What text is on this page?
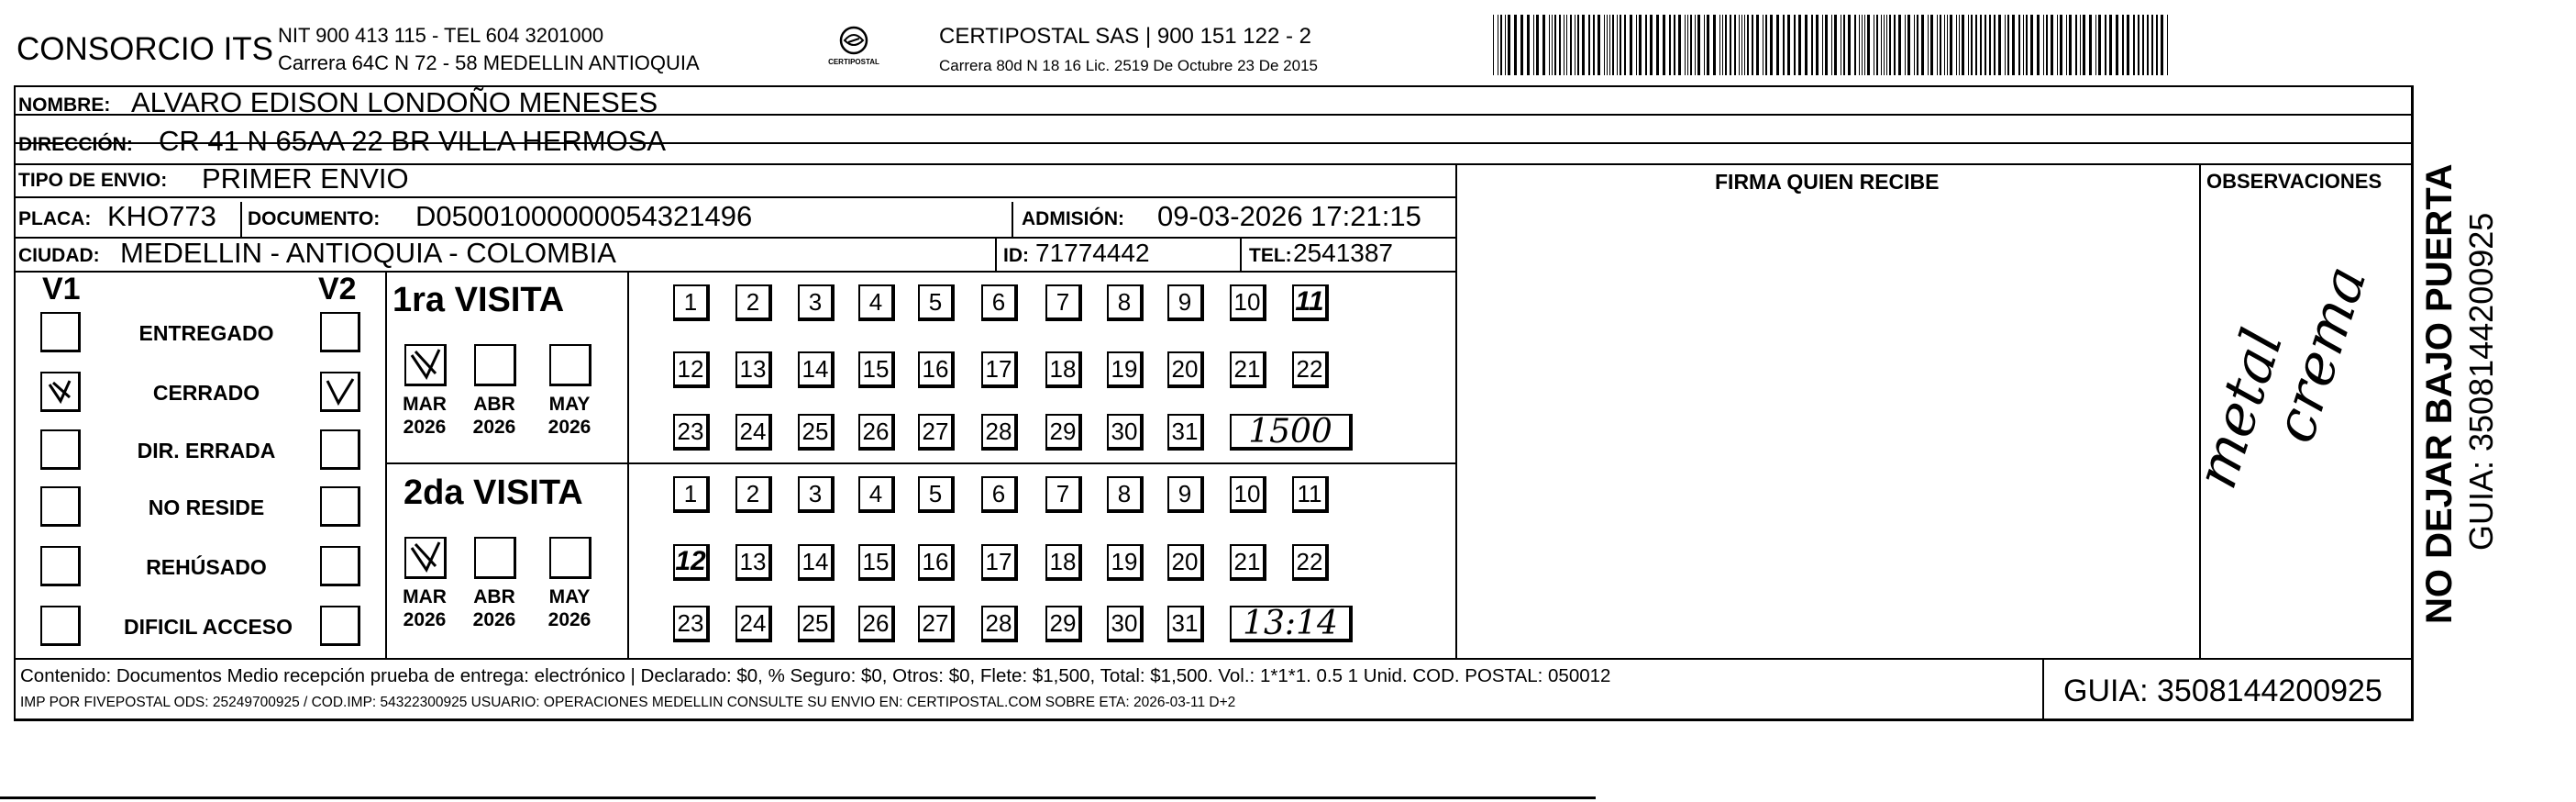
CONSORCIO ITS NIT 900 413 115 - TEL 604 3201000
Carrera 64C N 72 - 58 MEDELLIN ANTIOQUIA	CERTIPOSTAL
CERTIPOSTAL SAS | 900 151 122 - 2
Carrera 80d N 18 16 Lic. 2519 De Octubre 23 De 2015
NOMBRE: ALVARO EDISON LONDOÑO MENESES
DIRECCIÓN: CR 41 N 65AA 22 BR VILLA HERMOSA
TIPO DE ENVIO: PRIMER ENVIO
PLACA: KHO773 DOCUMENTO: D05001000000054321496	ADMISIÓN: 09-03-2026 17:21:15
CIUDAD: MEDELLIN - ANTIOQUIA - COLOMBIA	ID: 71774442	TEL: 2541387
FIRMA QUIEN RECIBE	OBSERVACIONES
metal
crema
V1	V2
ENTREGADO
CERRADO
DIR. ERRADA
NO RESIDE
REHÚSADO
DIFICIL ACCESO
1ra VISITA
2da VISITA
MAR
2026
ABR
2026
MAY
2026
MAR
2026
ABR
2026
MAY
2026
1	2	3	4	5	6	7	8	9	10 11
12 13 14 15 16 17 18 19 20 21 22
23 24 25 26 27 28 29 30 31	1500
1	2	3	4	5	6	7	8	9	10 11
12 13 14 15 16 17 18 19 20 21 22
23 24 25 26 27 28 29 30 31	13:14
Contenido: Documentos Medio recepción prueba de entrega: electrónico | Declarado: $0, % Seguro: $0, Otros: $0, Flete: $1,500, Total: $1,500. Vol.: 1*1*1. 0.5 1 Unid. COD. POSTAL: 050012
IMP POR FIVEPOSTAL ODS: 25249700925 / COD.IMP: 54322300925 USUARIO: OPERACIONES MEDELLIN CONSULTE SU ENVIO EN: CERTIPOSTAL.COM SOBRE ETA: 2026-03-11 D+2	GUIA: 3508144200925
NO DEJAR BAJO PUERTA GUIA: 3508144200925
